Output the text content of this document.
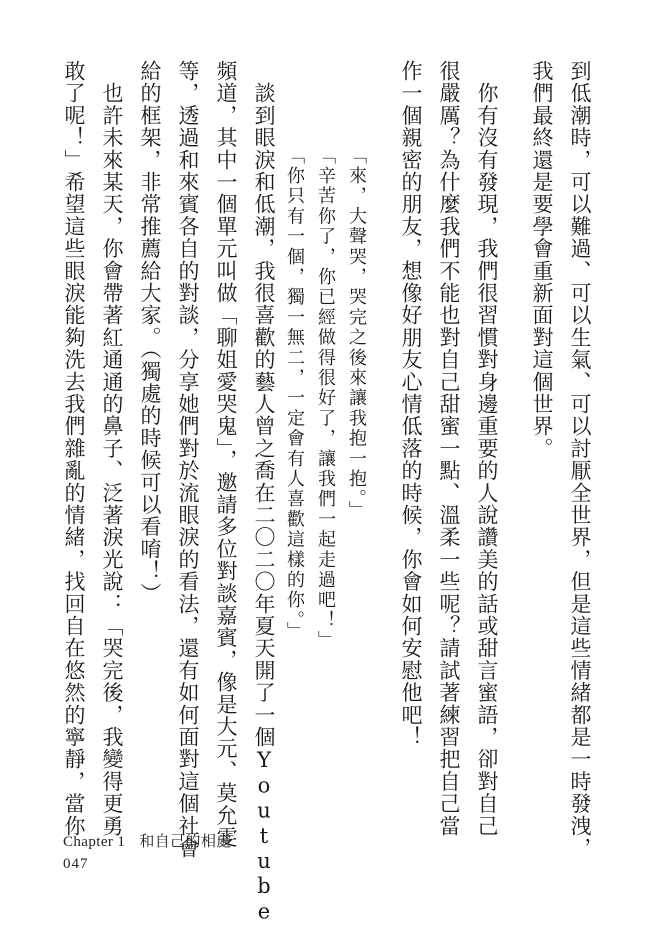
到低潮時，可以難過、可以生氣、可以討厭全世界，但是這些情緒都是一時發洩，
我們最終還是要學會重新面對這個世界。
　你有沒有發現，我們很習慣對身邊重要的人說讚美的話或甜言蜜語，卻對自己
很嚴厲？為什麼我們不能也對自己甜蜜一點、溫柔一些呢？請試著練習把自己當
作一個親密的朋友，想像好朋友心情低落的時候，你會如何安慰他吧！
「來，大聲哭，哭完之後來讓我抱一抱。」
「辛苦你了，你已經做得很好了，讓我們一起走過吧！」
「你只有一個，獨一無二，一定會有人喜歡這樣的你。」
　談到眼淚和低潮，我很喜歡的藝人曾之喬在二〇二〇年夏天開了一個Youtube
頻道，其中一個單元叫做「聊姐愛哭鬼」，邀請多位對談嘉賓，像是大元、莫允雯
等，透過和來賓各自的對談，分享她們對於流眼淚的看法，還有如何面對這個社會
給的框架，非常推薦給大家。（獨處的時候可以看唷！）
　也許未來某天，你會帶著紅通通的鼻子、泛著淚光說：「哭完後，我變得更勇
敢了呢！」希望這些眼淚能夠洗去我們雜亂的情緒，找回自在悠然的寧靜，當你
Chapter 1 和自己的相處
047
